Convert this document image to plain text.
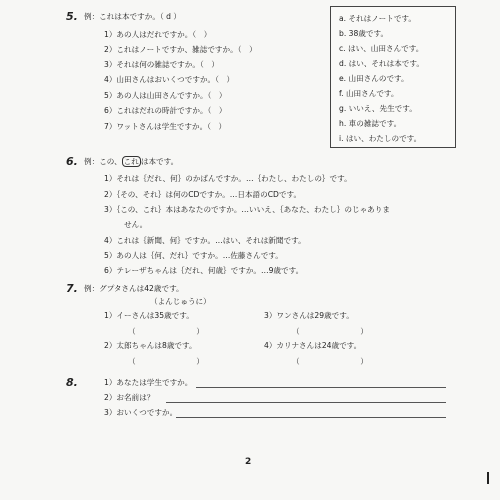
5. 例：これは本ですか。（ d ）
1）あの人はだれですか。（　）
2）これはノートですか、雑誌ですか。（　）
3）それは何の雑誌ですか。（　）
4）山田さんはおいくつですか。（　）
5）あの人は山田さんですか。（　）
6）これはだれの時計ですか。（　）
7）ワットさんは学生ですか。（　）
a. それはノートです。
b. 38歳です。
c. はい、山田さんです。
d. はい、それは本です。
e. 山田さんのです。
f. 山田さんです。
g. いいえ、先生です。
h. 車の雑誌です。
i. はい、わたしのです。
6. 例：この、 これ は本です。
1）それは｛だれ、何｝のかばんですか。…｛わたし、わたしの｝です。
2）｛その、それ｝は何のCDですか。…日本語のCDです。
3）｛この、これ｝本はあなたのですか。…いいえ、｛あなた、わたし｝のじゃありま
せん。
4）これは｛新聞、何｝ですか。…はい、それは新聞です。
5）あの人は｛何、だれ｝ですか。…佐藤さんです。
6）テレーザちゃんは｛だれ、何歳｝ですか。…9歳です。
7. 例：グプタさんは42歳です。
（よんじゅうに）
1）イーさんは35歳です。	3）ワンさんは29歳です。
（　　　　　　　　）	（　　　　　　　　）
2）太郎ちゃんは8歳です。	4）カリナさんは24歳です。
（　　　　　　　　）	（　　　　　　　　）
8.	1）あなたは学生ですか。
2）お名前は？
3）おいくつですか。
2
